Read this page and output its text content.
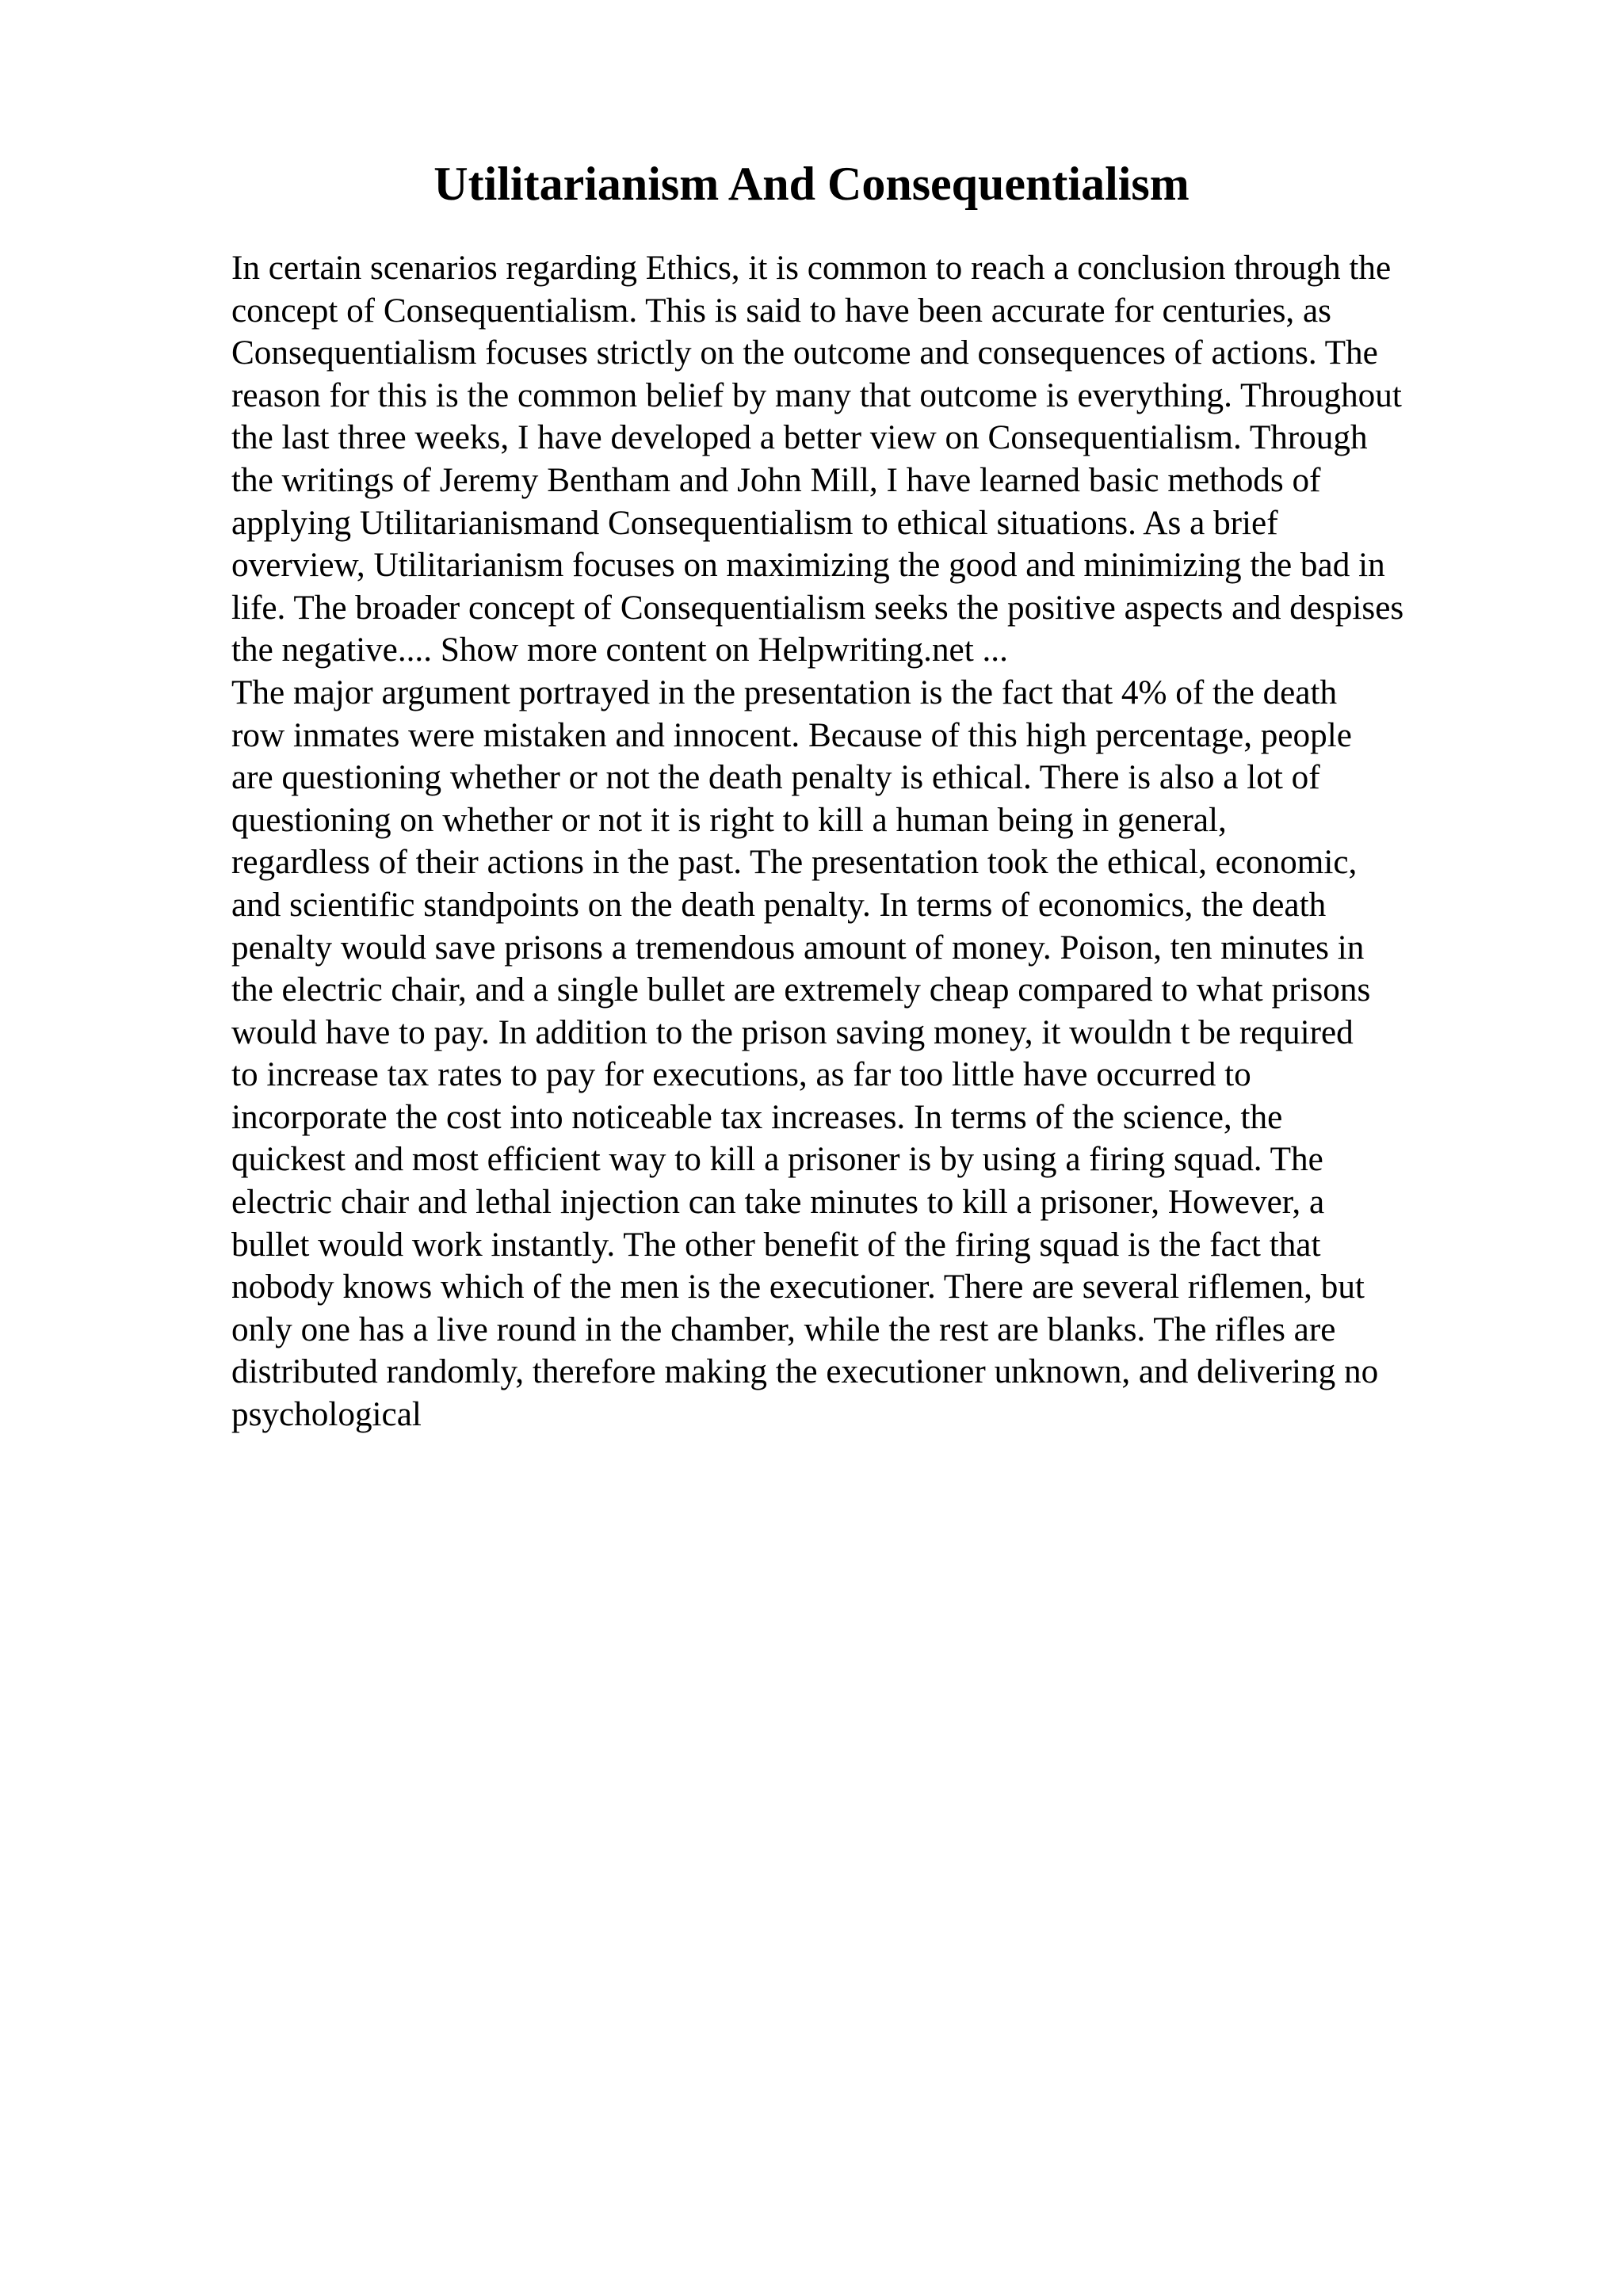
Utilitarianism And Consequentialism
In certain scenarios regarding Ethics, it is common to reach a conclusion through the
concept of Consequentialism. This is said to have been accurate for centuries, as
Consequentialism focuses strictly on the outcome and consequences of actions. The
reason for this is the common belief by many that outcome is everything. Throughout
the last three weeks, I have developed a better view on Consequentialism. Through
the writings of Jeremy Bentham and John Mill, I have learned basic methods of
applying Utilitarianismand Consequentialism to ethical situations. As a brief
overview, Utilitarianism focuses on maximizing the good and minimizing the bad in
life. The broader concept of Consequentialism seeks the positive aspects and despises
the negative.... Show more content on Helpwriting.net ...
The major argument portrayed in the presentation is the fact that 4% of the death
row inmates were mistaken and innocent. Because of this high percentage, people
are questioning whether or not the death penalty is ethical. There is also a lot of
questioning on whether or not it is right to kill a human being in general,
regardless of their actions in the past. The presentation took the ethical, economic,
and scientific standpoints on the death penalty. In terms of economics, the death
penalty would save prisons a tremendous amount of money. Poison, ten minutes in
the electric chair, and a single bullet are extremely cheap compared to what prisons
would have to pay. In addition to the prison saving money, it wouldn t be required
to increase tax rates to pay for executions, as far too little have occurred to
incorporate the cost into noticeable tax increases. In terms of the science, the
quickest and most efficient way to kill a prisoner is by using a firing squad. The
electric chair and lethal injection can take minutes to kill a prisoner, However, a
bullet would work instantly. The other benefit of the firing squad is the fact that
nobody knows which of the men is the executioner. There are several riflemen, but
only one has a live round in the chamber, while the rest are blanks. The rifles are
distributed randomly, therefore making the executioner unknown, and delivering no
psychological
